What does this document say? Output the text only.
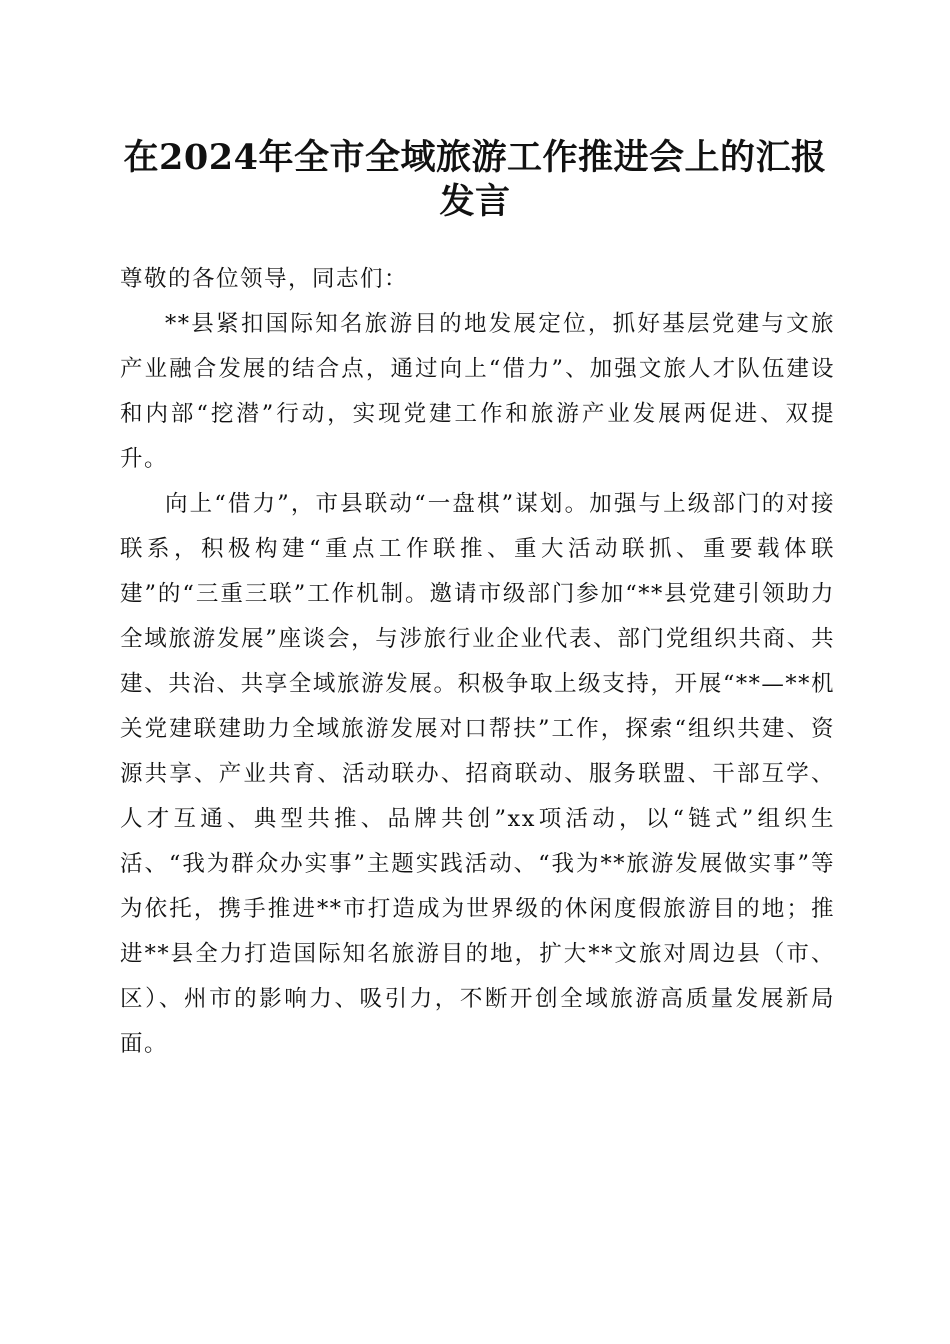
在2024年全市全域旅游工作推进会上的汇报
发言

尊敬的各位领导，同志们：

**县紧扣国际知名旅游目的地发展定位，抓好基层党建与文旅产业融合发展的结合点，通过向上“借力”、加强文旅人才队伍建设和内部“挖潜”行动，实现党建工作和旅游产业发展两促进、双提升。

向上“借力”，市县联动“一盘棋”谋划。加强与上级部门的对接联系，积极构建“重点工作联推、重大活动联抓、重要载体联建”的“三重三联”工作机制。邀请市级部门参加“**县党建引领助力全域旅游发展”座谈会，与涉旅行业企业代表、部门党组织共商、共建、共治、共享全域旅游发展。积极争取上级支持，开展“**—**机关党建联建助力全域旅游发展对口帮扶”工作，探索“组织共建、资源共享、产业共育、活动联办、招商联动、服务联盟、干部互学、人才互通、典型共推、品牌共创”xx项活动，以“链式”组织生活、“我为群众办实事”主题实践活动、“我为**旅游发展做实事”等为依托，携手推进**市打造成为世界级的休闲度假旅游目的地；推进**县全力打造国际知名旅游目的地，扩大**文旅对周边县（市、区）、州市的影响力、吸引力，不断开创全域旅游高质量发展新局面。
